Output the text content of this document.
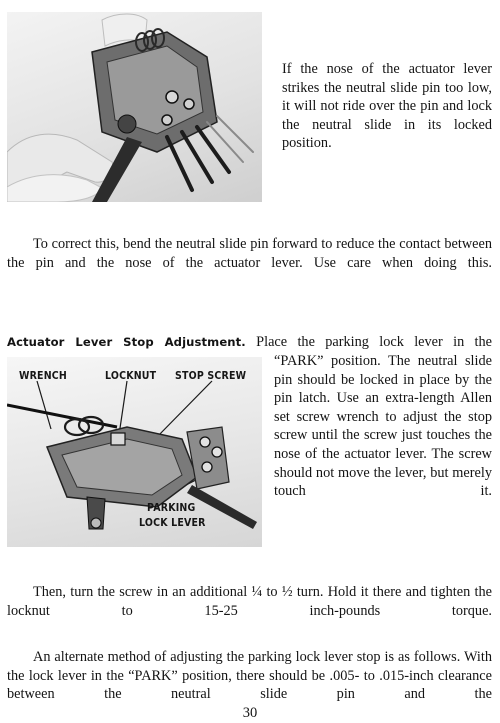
If the nose of the actuator lever strikes the neutral slide pin too low, it will not ride over the pin and lock the neutral slide in its locked position.

To correct this, bend the neutral slide pin forward to reduce the contact between the pin and the nose of the actuator lever. Use care when doing this.

WRENCH	LOCKNUT STOP SCREW
PARKING
LOCK LEVER

Actuator Lever Stop Adjustment. Place the parking lock lever in the

“PARK” position. The neutral slide pin should be locked in place by the pin latch. Use an extra-length Allen set screw wrench to adjust the stop screw until the screw just touches the nose of the actuator lever. The screw should not move the lever, but merely touch it.

Then, turn the screw in an additional ¼ to ½ turn. Hold it there and tighten the locknut to 15-25 inch-pounds torque.

An alternate method of adjusting the parking lock lever stop is as follows. With the lock lever in the “PARK” position, there should be .005- to .015-inch clearance between the neutral slide pin and the

30
